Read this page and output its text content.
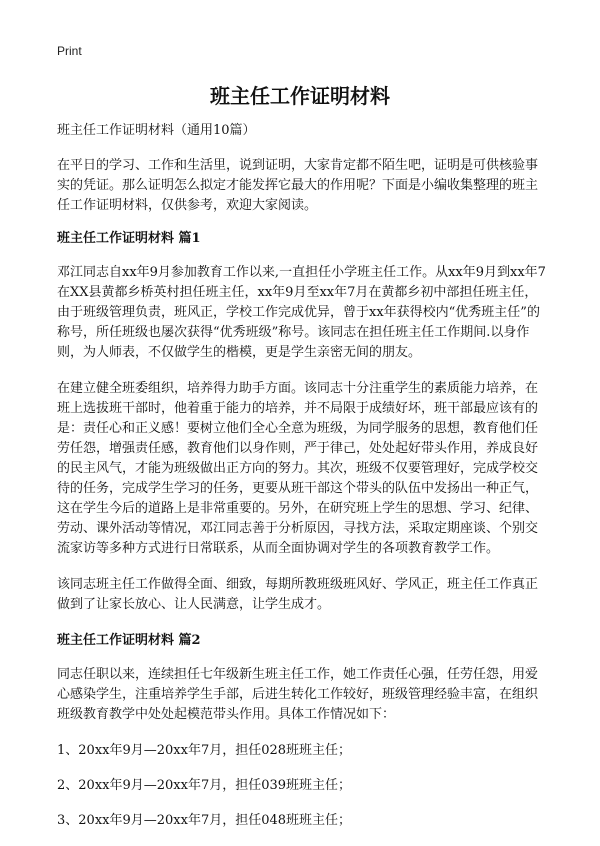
Print
班主任工作证明材料

班主任工作证明材料（通用10篇）

在平日的学习、工作和生活里，说到证明，大家肯定都不陌生吧，证明是可供核验事实的凭证。那么证明怎么拟定才能发挥它最大的作用呢？下面是小编收集整理的班主任工作证明材料，仅供参考，欢迎大家阅读。

班主任工作证明材料 篇1

邓江同志自xx年9月参加教育工作以来,一直担任小学班主任工作。从xx年9月到xx年7在XX县黄都乡桥英村担任班主任，xx年9月至xx年7月在黄都乡初中部担任班主任，由于班级管理负责，班风正，学校工作完成优异，曾于xx年获得校内“优秀班主任”的称号，所任班级也屡次获得“优秀班级”称号。该同志在担任班主任工作期间.以身作则，为人师表，不仅做学生的楷模，更是学生亲密无间的朋友。

在建立健全班委组织，培养得力助手方面。该同志十分注重学生的素质能力培养，在班上选拔班干部时，他着重于能力的培养，并不局限于成绩好坏，班干部最应该有的是：责任心和正义感！要树立他们全心全意为班级，为同学服务的思想，教育他们任劳任怨，增强责任感，教育他们以身作则，严于律己，处处起好带头作用，养成良好的民主风气，才能为班级做出正方向的努力。其次，班级不仅要管理好，完成学校交待的任务，完成学生学习的任务，更要从班干部这个带头的队伍中发扬出一种正气，这在学生今后的道路上是非常重要的。另外，在研究班上学生的思想、学习、纪律、劳动、课外活动等情况，邓江同志善于分析原因，寻找方法，采取定期座谈、个别交流家访等多种方式进行日常联系，从而全面协调对学生的各项教育教学工作。

该同志班主任工作做得全面、细致，每期所教班级班风好、学风正，班主任工作真正做到了让家长放心、让人民满意，让学生成才。

班主任工作证明材料 篇2

同志任职以来，连续担任七年级新生班主任工作，她工作责任心强，任劳任怨，用爱心感染学生，注重培养学生手部，后进生转化工作较好，班级管理经验丰富，在组织班级教育教学中处处起模范带头作用。具体工作情况如下：

1、20xx年9月—20xx年7月，担任028班班主任；
2、20xx年9月—20xx年7月，担任039班班主任；
3、20xx年9月—20xx年7月，担任048班班主任；
